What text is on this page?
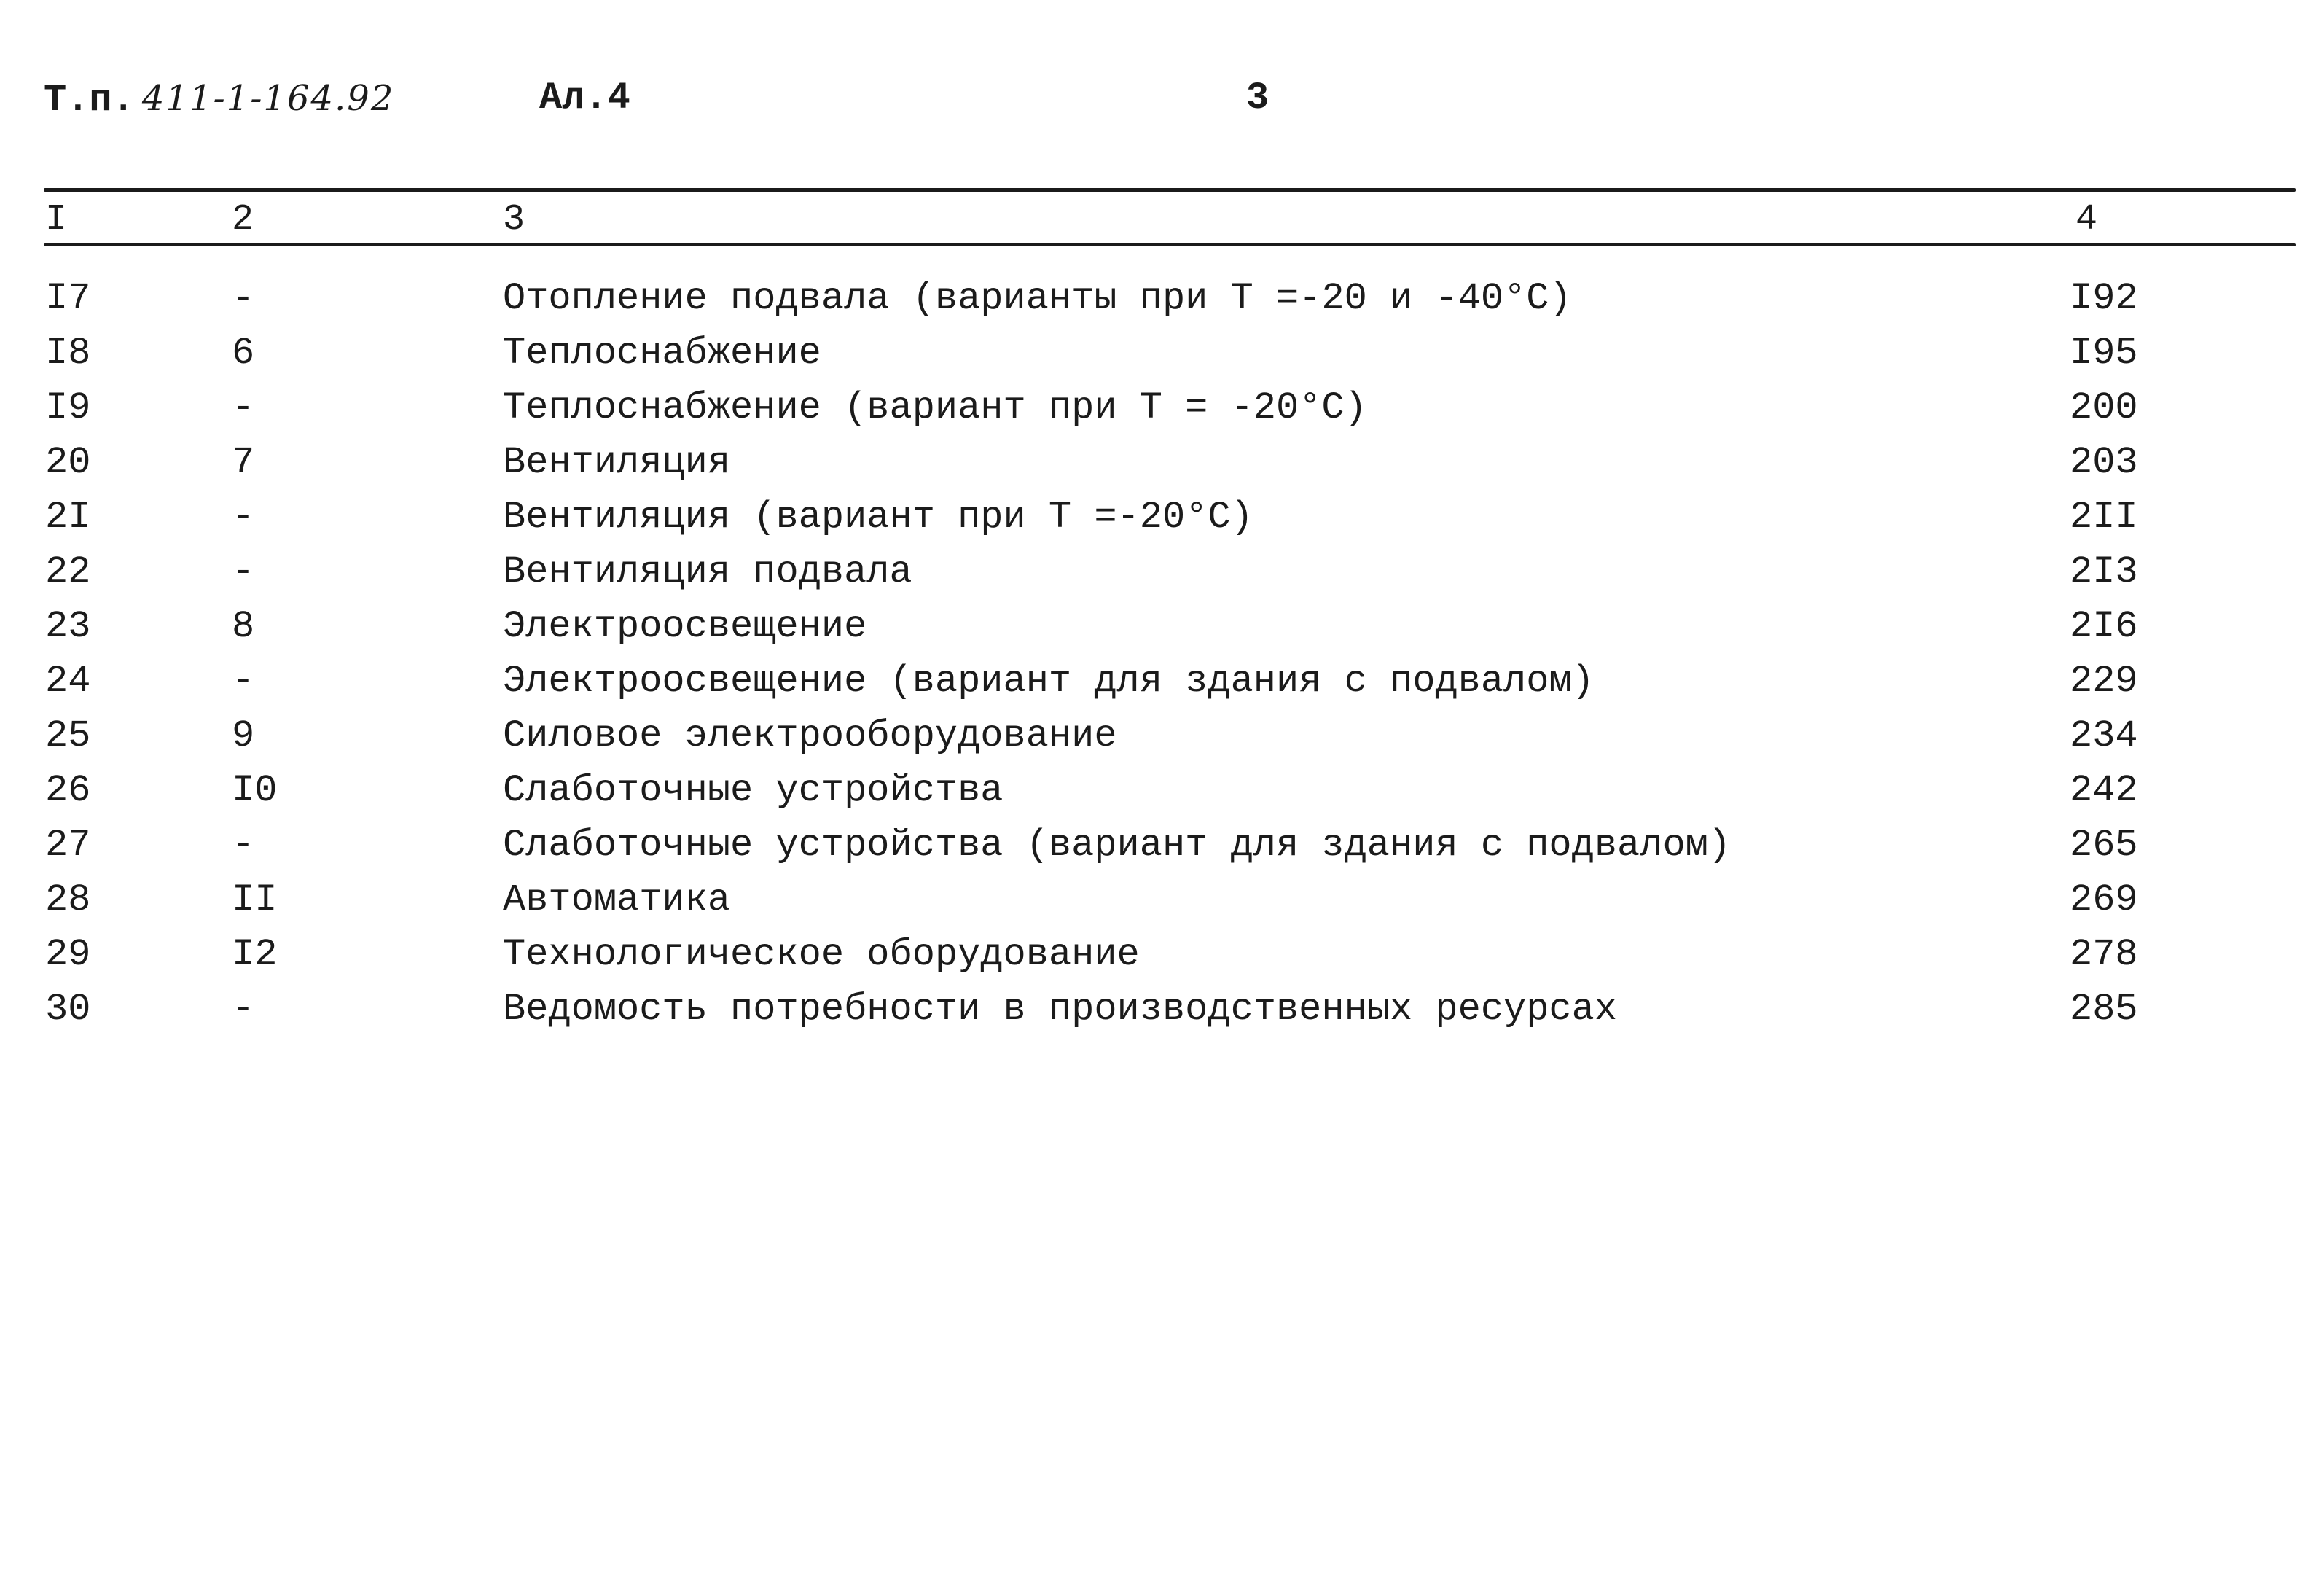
Т.п. 411-1-164.92	Ал.4	3
I	2	3	4
I7	-	Отопление подвала (варианты при T =-20 и -40°C)	I92
I8	6	Теплоснабжение	I95
I9	-	Теплоснабжение (вариант при T = -20°C)	200
20	7	Вентиляция	203
2I	-	Вентиляция (вариант при T =-20°C)	2II
22	-	Вентиляция подвала	2I3
23	8	Электроосвещение	2I6
24	-	Электроосвещение (вариант для здания с подвалом)	229
25	9	Силовое электрооборудование	234
26	I0	Слаботочные устройства	242
27	-	Слаботочные устройства (вариант для здания с подвалом)	265
28	II	Автоматика	269
29	I2	Технологическое оборудование	278
30	-	Ведомость потребности в производственных ресурсах	285
